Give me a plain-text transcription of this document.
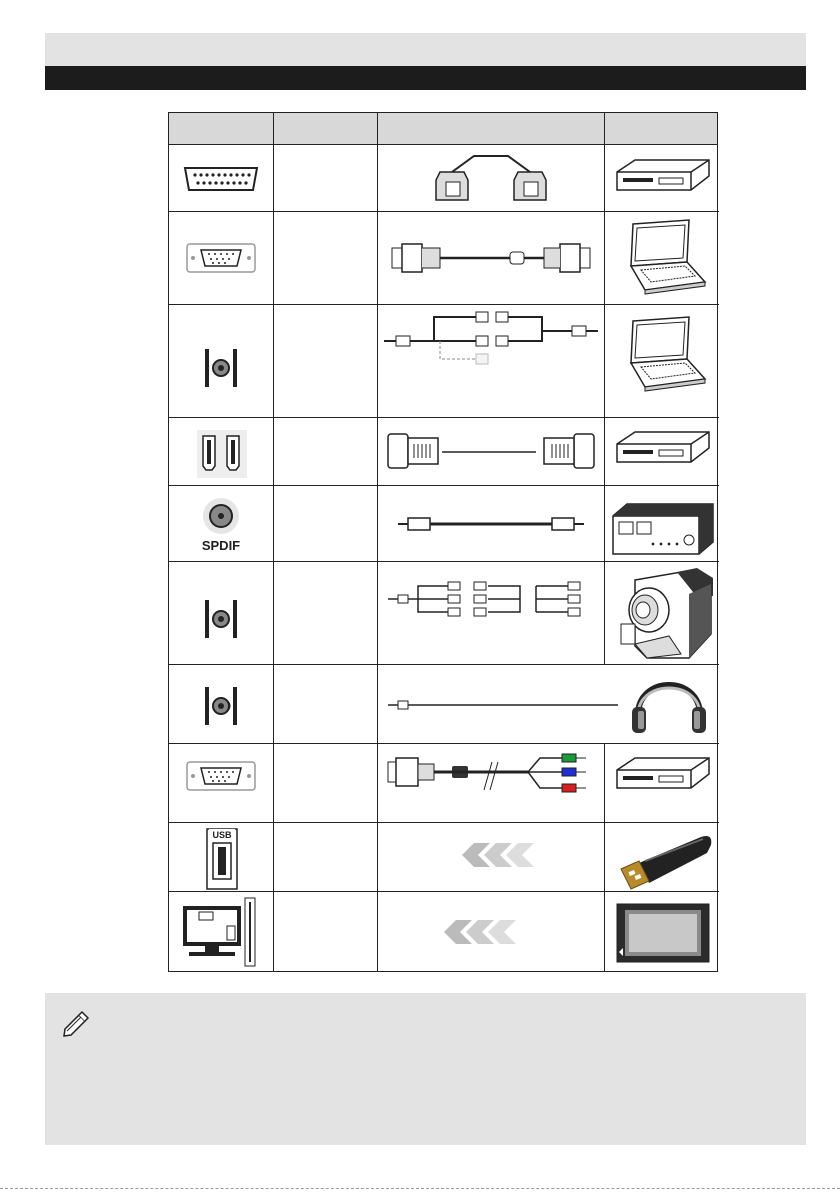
SPDIF
USB
